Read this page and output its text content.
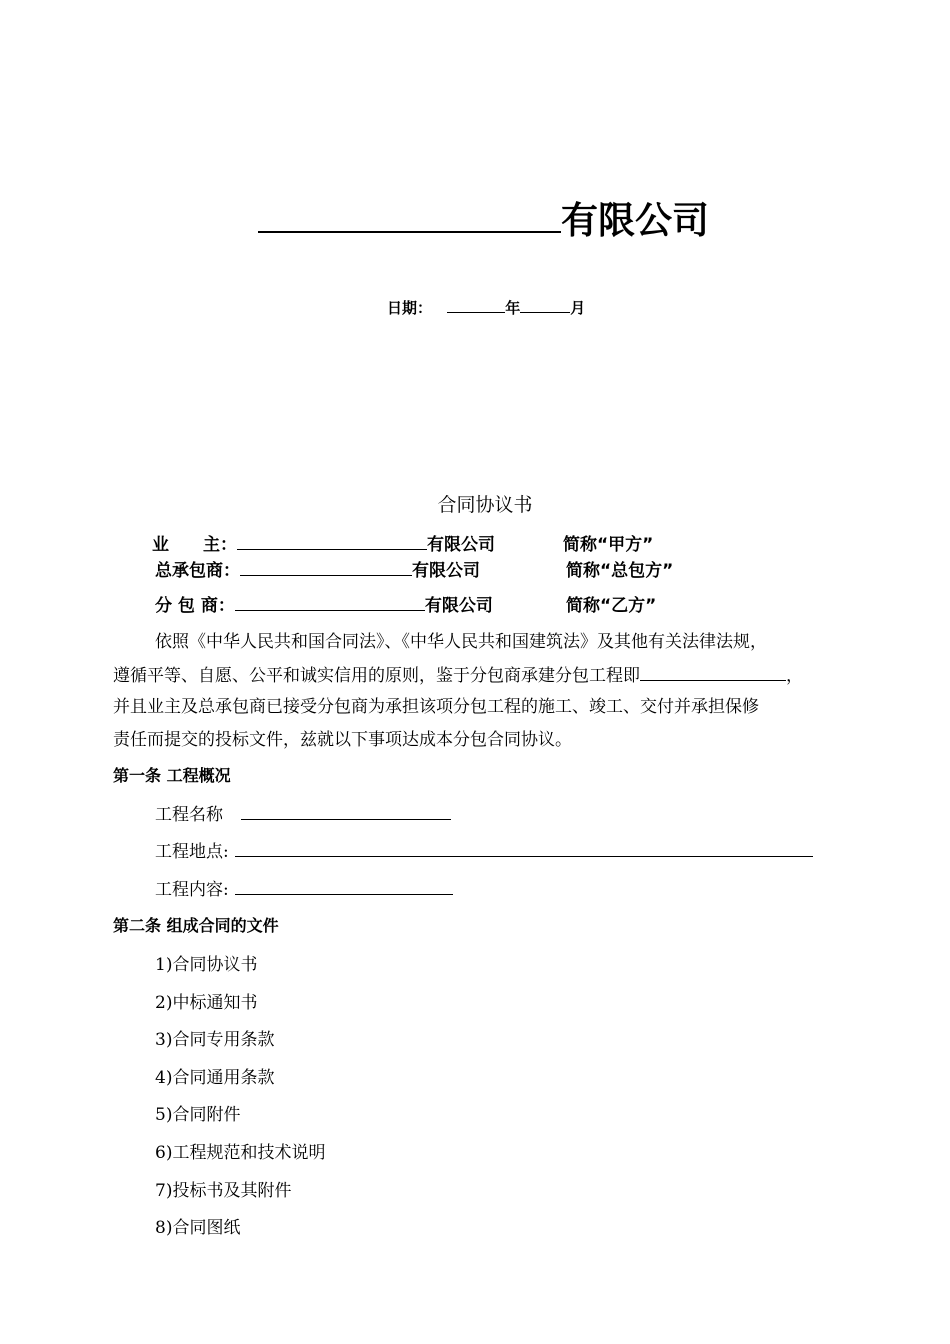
有限公司
日期：	年	月
合同协议书
业　　主：	有限公司	简称“甲方”
总承包商：	有限公司	简称“总包方”
分 包 商：	有限公司	简称“乙方”
依照《中华人民共和国合同法》、《中华人民共和国建筑法》及其他有关法律法规，
遵循平等、自愿、公平和诚实信用的原则，鉴于分包商承建分包工程即	，
并且业主及总承包商已接受分包商为承担该项分包工程的施工、竣工、交付并承担保修
责任而提交的投标文件，兹就以下事项达成本分包合同协议。
第一条 工程概况
工程名称
工程地点:
工程内容:
第二条 组成合同的文件
1)合同协议书
2)中标通知书
3)合同专用条款
4)合同通用条款
5)合同附件
6)工程规范和技术说明
7)投标书及其附件
8)合同图纸
